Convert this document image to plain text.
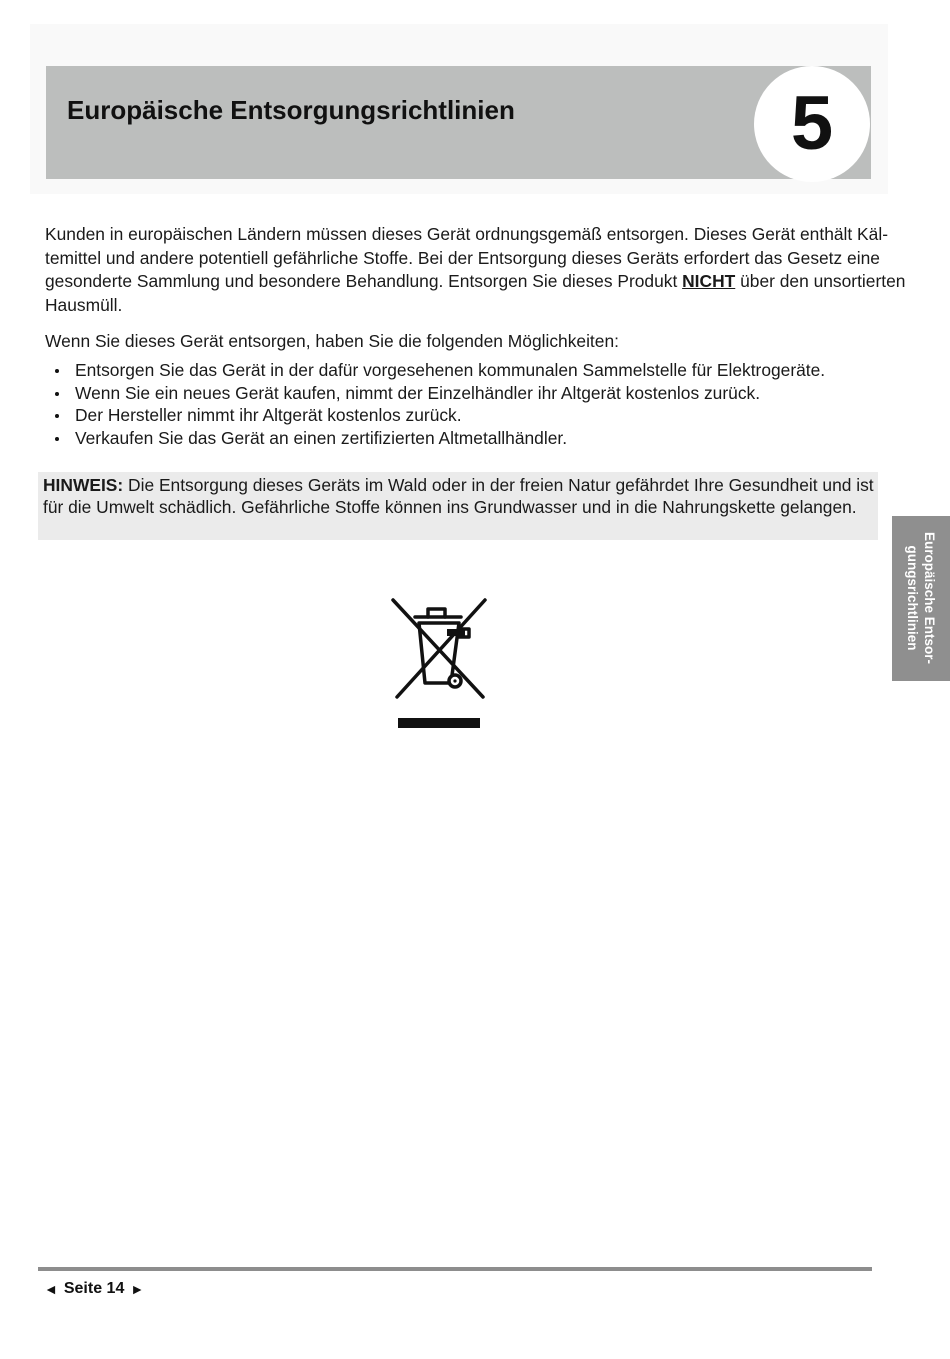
Europäische Entsorgungsrichtlinien	5

Kunden in europäischen Ländern müssen dieses Gerät ordnungsgemäß entsorgen. Dieses Gerät enthält Kältemittel und andere potentiell gefährliche Stoffe. Bei der Entsorgung dieses Geräts erfordert das Gesetz eine gesonderte Sammlung und besondere Behandlung. Entsorgen Sie dieses Produkt NICHT über den unsortierten Hausmüll.

Wenn Sie dieses Gerät entsorgen, haben Sie die folgenden Möglichkeiten:

Entsorgen Sie das Gerät in der dafür vorgesehenen kommunalen Sammelstelle für Elektrogeräte.
Wenn Sie ein neues Gerät kaufen, nimmt der Einzelhändler ihr Altgerät kostenlos zurück.
Der Hersteller nimmt ihr Altgerät kostenlos zurück.
Verkaufen Sie das Gerät an einen zertifizierten Altmetallhändler.

HINWEIS: Die Entsorgung dieses Geräts im Wald oder in der freien Natur gefährdet Ihre Gesundheit und ist für die Umwelt schädlich. Gefährliche Stoffe können ins Grundwasser und in die Nahrungskette gelangen.

Europäische Entsor-
gungsrichtlinien
◄ Seite 14 ►
